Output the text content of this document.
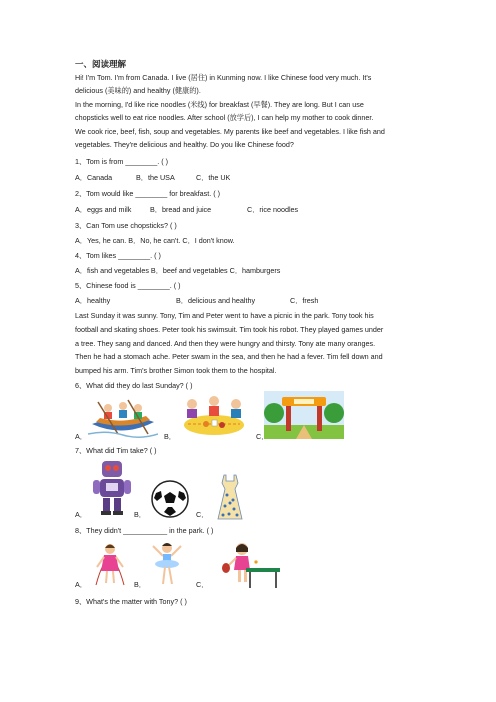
一、阅读理解
Hi! I'm Tom. I'm from Canada. I live (居住) in Kunming now. I like Chinese food very much. It's
delicious (美味的) and healthy (健康的).
In the morning, I'd like rice noodles (米线) for breakfast (早餐). They are long. But I can use
chopsticks well to eat rice noodles. After school (放学后), I can help my mother to cook dinner.
We cook rice, beef, fish, soup and vegetables. My parents like beef and vegetables. I like fish and
vegetables. They're delicious and healthy. Do you like Chinese food?
1、Tom is from ________. ( )
A．Canada	B．the USA	C．the UK
2、Tom would like ________ for breakfast. ( )
A．eggs and milk	B．bread and juice	C．rice noodles
3、Can Tom use chopsticks? ( )
A．Yes, he can. B．No, he can't. C．I don't know.
4、Tom likes ________. ( )
A．fish and vegetables B．beef and vegetables C．hamburgers
5、Chinese food is ________. ( )
A．healthy	B．delicious and healthy	C．fresh
Last Sunday it was sunny. Tony, Tim and Peter went to have a picnic in the park. Tony took his
football and skating shoes. Peter took his swimsuit. Tim took his robot. They played games under
a tree. They sang and danced. And then they were hungry and thirsty. Tony ate many oranges.
Then he had a stomach ache. Peter swam in the sea, and then he had a fever. Tim fell down and
bumped his arm. Tim's brother Simon took them to the hospital.
6、What did they do last Sunday? ( )
A．	B．	C．
7、What did Tim take? ( )
A．	B．	C．
8、They didn't ___________ in the park. ( )
A．	B．	C．
9、What's the matter with Tony? ( )
